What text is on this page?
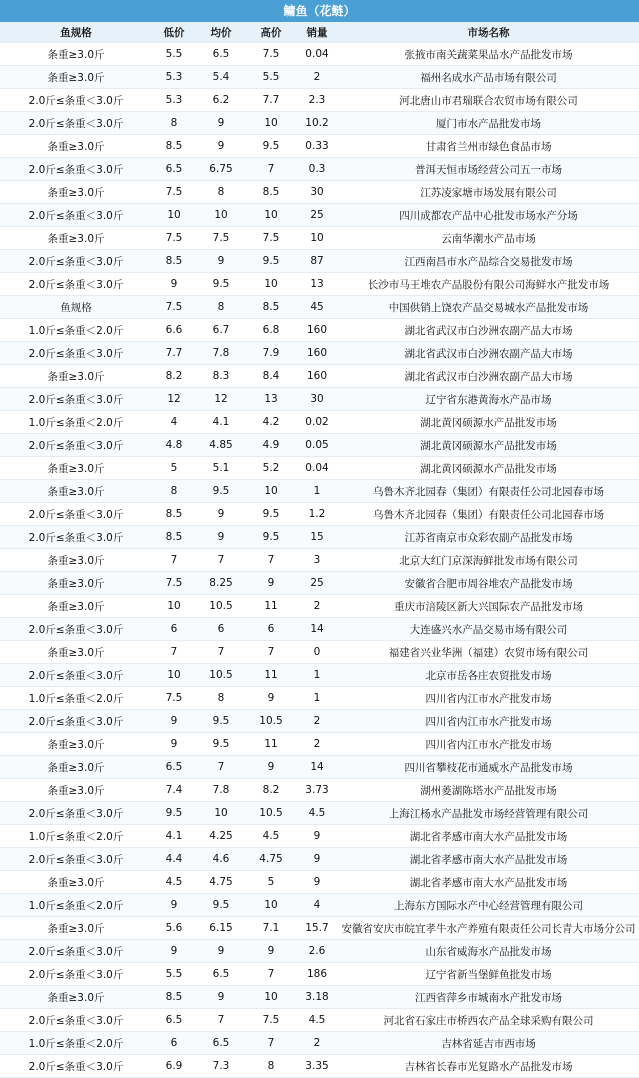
鳙鱼（花鲢）
鱼规格	低价	均价	高价	销量	市场名称
条重≥3.0斤	5.5	6.5	7.5	0.04	张掖市南关蔬菜果品水产品批发市场
条重≥3.0斤	5.3	5.4	5.5	2	福州名成水产品市场有限公司
2.0斤≤条重＜3.0斤	5.3	6.2	7.7	2.3	河北唐山市君瑞联合农贸市场有限公司
2.0斤≤条重＜3.0斤	8	9	10	10.2	厦门市水产品批发市场
条重≥3.0斤	8.5	9	9.5	0.33	甘肃省兰州市绿色食品市场
2.0斤≤条重＜3.0斤	6.5	6.75	7	0.3	普洱天恒市场经营公司五一市场
条重≥3.0斤	7.5	8	8.5	30	江苏凌家塘市场发展有限公司
2.0斤≤条重＜3.0斤	10	10	10	25	四川成都农产品中心批发市场水产分场
条重≥3.0斤	7.5	7.5	7.5	10	云南华潮水产品市场
2.0斤≤条重＜3.0斤	8.5	9	9.5	87	江西南昌市水产品综合交易批发市场
2.0斤≤条重＜3.0斤	9	9.5	10	13	长沙市马王堆农产品股份有限公司海鲜水产批发市场
鱼规格	7.5	8	8.5	45	中国供销上饶农产品交易城水产品批发市场
1.0斤≤条重＜2.0斤	6.6	6.7	6.8	160	湖北省武汉市白沙洲农副产品大市场
2.0斤≤条重＜3.0斤	7.7	7.8	7.9	160	湖北省武汉市白沙洲农副产品大市场
条重≥3.0斤	8.2	8.3	8.4	160	湖北省武汉市白沙洲农副产品大市场
2.0斤≤条重＜3.0斤	12	12	13	30	辽宁省东港黄海水产品市场
1.0斤≤条重＜2.0斤	4	4.1	4.2	0.02	湖北黄冈硕源水产品批发市场
2.0斤≤条重＜3.0斤	4.8	4.85	4.9	0.05	湖北黄冈硕源水产品批发市场
条重≥3.0斤	5	5.1	5.2	0.04	湖北黄冈硕源水产品批发市场
条重≥3.0斤	8	9.5	10	1	乌鲁木齐北园春（集团）有限责任公司北园春市场
2.0斤≤条重＜3.0斤	8.5	9	9.5	1.2	乌鲁木齐北园春（集团）有限责任公司北园春市场
2.0斤≤条重＜3.0斤	8.5	9	9.5	15	江苏省南京市众彩农副产品批发市场
条重≥3.0斤	7	7	7	3	北京大红门京深海鲜批发市场有限公司
条重≥3.0斤	7.5	8.25	9	25	安徽省合肥市周谷堆农产品批发市场
条重≥3.0斤	10	10.5	11	2	重庆市涪陵区新大兴国际农产品批发市场
2.0斤≤条重＜3.0斤	6	6	6	14	大连盛兴水产品交易市场有限公司
条重≥3.0斤	7	7	7	0	福建省兴业华洲（福建）农贸市场有限公司
2.0斤≤条重＜3.0斤	10	10.5	11	1	北京市岳各庄农贸批发市场
1.0斤≤条重＜2.0斤	7.5	8	9	1	四川省内江市水产批发市场
2.0斤≤条重＜3.0斤	9	9.5	10.5	2	四川省内江市水产批发市场
条重≥3.0斤	9	9.5	11	2	四川省内江市水产批发市场
条重≥3.0斤	6.5	7	9	14	四川省攀枝花市通威水产品批发市场
条重≥3.0斤	7.4	7.8	8.2	3.73	湖州菱湖陈塔水产品批发市场
2.0斤≤条重＜3.0斤	9.5	10	10.5	4.5	上海江杨水产品批发市场经营管理有限公司
1.0斤≤条重＜2.0斤	4.1	4.25	4.5	9	湖北省孝感市南大水产品批发市场
2.0斤≤条重＜3.0斤	4.4	4.6	4.75	9	湖北省孝感市南大水产品批发市场
条重≥3.0斤	4.5	4.75	5	9	湖北省孝感市南大水产品批发市场
1.0斤≤条重＜2.0斤	9	9.5	10	4	上海东方国际水产中心经营管理有限公司
条重≥3.0斤	5.6	6.15	7.1	15.7	安徽省安庆市皖宜孝牛水产养殖有限责任公司长青大市场分公司
2.0斤≤条重＜3.0斤	9	9	9	2.6	山东省威海水产品批发市场
2.0斤≤条重＜3.0斤	5.5	6.5	7	186	辽宁省新当堡鲜鱼批发市场
条重≥3.0斤	8.5	9	10	3.18	江西省萍乡市城南水产批发市场
2.0斤≤条重＜3.0斤	6.5	7	7.5	4.5	河北省石家庄市桥西农产品全球采购有限公司
1.0斤≤条重＜2.0斤	6	6.5	7	2	吉林省延吉市西市场
2.0斤≤条重＜3.0斤	6.9	7.3	8	3.35	吉林省长春市光复路水产品批发市场
